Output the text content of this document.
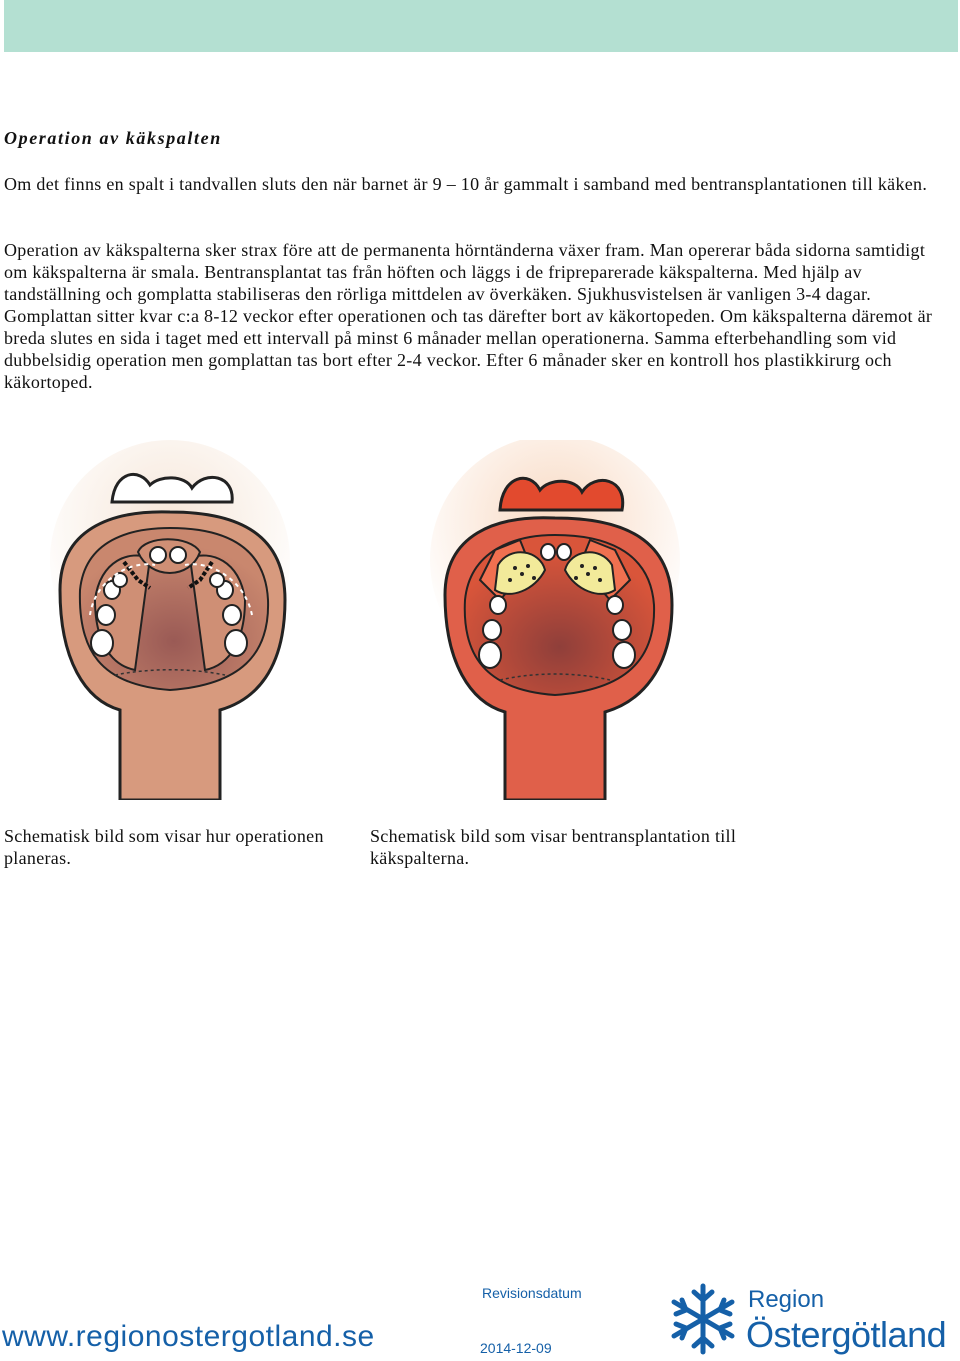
Operation av käkspalten

Om det finns en spalt i tandvallen sluts den när barnet är 9 – 10 år gammalt i samband med bentransplantationen till käken.

Operation av käkspalterna sker strax före att de permanenta hörntänderna växer fram. Man opererar båda sidorna samtidigt om käkspalterna är smala. Bentransplantat tas från höften och läggs i de fripreparerade käkspalterna. Med hjälp av tandställning och gomplatta stabiliseras den rörliga mittdelen av överkäken. Sjukhusvistelsen är vanligen 3-4 dagar. Gomplattan sitter kvar c:a 8-12 veckor efter operationen och tas därefter bort av käkortopeden. Om käkspalterna däremot är breda slutes en sida i taget med ett intervall på minst 6 månader mellan operationerna. Samma efterbehandling som vid dubbelsidig operation men gomplattan tas bort efter 2-4 veckor. Efter 6 månader sker en kontroll hos plastikkirurg och käkortoped.

Schematisk bild som visar hur operationen planeras.

Schematisk bild som visar bentransplantation till käkspalterna.

www.regionostergotland.se
Revisionsdatum
2014-12-09
Region
Östergötland
